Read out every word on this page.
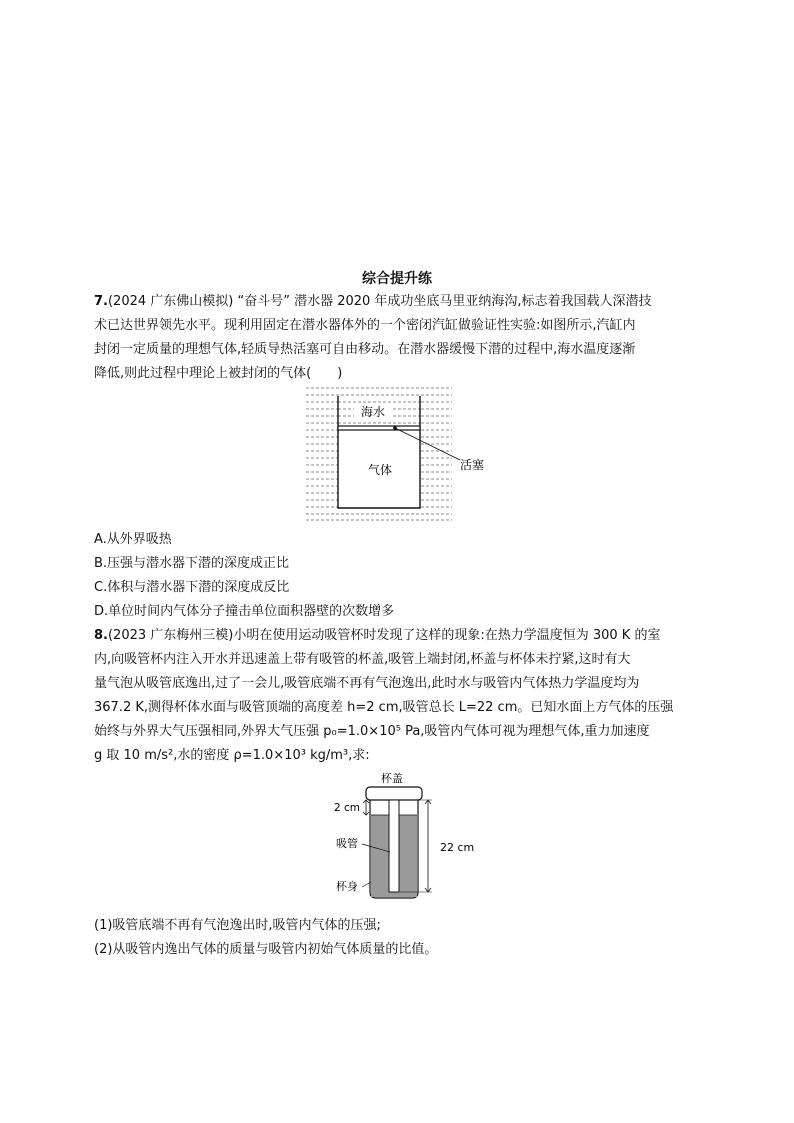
综合提升练

7.(2024 广东佛山模拟) “奋斗号” 潜水器 2020 年成功坐底马里亚纳海沟,标志着我国载人深潜技

术已达世界领先水平。现利用固定在潜水器体外的一个密闭汽缸做验证性实验:如图所示,汽缸内

封闭一定质量的理想气体,轻质导热活塞可自由移动。在潜水器缓慢下潜的过程中,海水温度逐渐

降低,则此过程中理论上被封闭的气体(　　)

海水
气体	活塞
A.从外界吸热
B.压强与潜水器下潜的深度成正比
C.体积与潜水器下潜的深度成反比
D.单位时间内气体分子撞击单位面积器壁的次数增多

8.(2023 广东梅州三模)小明在使用运动吸管杯时发现了这样的现象:在热力学温度恒为 300 K 的室

内,向吸管杯内注入开水并迅速盖上带有吸管的杯盖,吸管上端封闭,杯盖与杯体未拧紧,这时有大

量气泡从吸管底逸出,过了一会儿,吸管底端不再有气泡逸出,此时水与吸管内气体热力学温度均为

367.2 K,测得杯体水面与吸管顶端的高度差 h=2 cm,吸管总长 L=22 cm。已知水面上方气体的压强

始终与外界大气压强相同,外界大气压强 p₀=1.0×10⁵ Pa,吸管内气体可视为理想气体,重力加速度

g 取 10 m/s²,水的密度 ρ=1.0×10³ kg/m³,求:

杯盖
2 cm
22 cm
吸管
杯身
(1)吸管底端不再有气泡逸出时,吸管内气体的压强;
(2)从吸管内逸出气体的质量与吸管内初始气体质量的比值。
